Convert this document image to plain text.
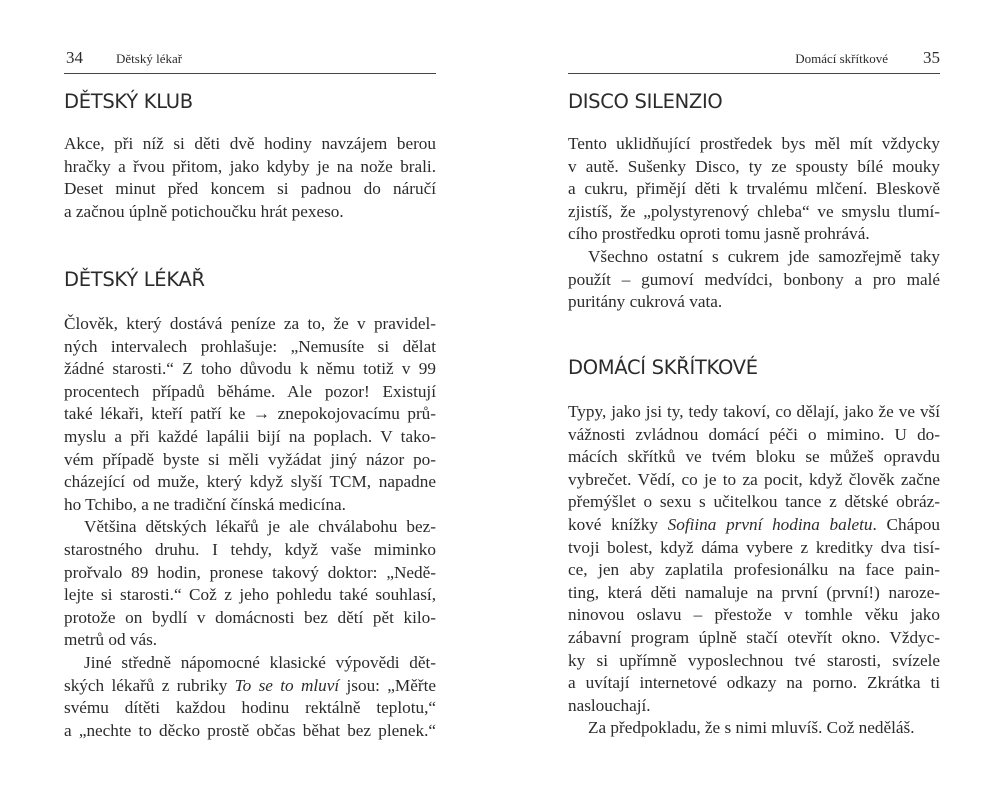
34	Dětský lékař
DĚTSKÝ KLUB
Akce, při níž si děti dvě hodiny navzájem berou
hračky a řvou přitom, jako kdyby je na nože brali.
Deset minut před koncem si padnou do náručí
a začnou úplně potichoučku hrát pexeso.
DĚTSKÝ LÉKAŘ
Člověk, který dostává peníze za to, že v pravidel-
ných intervalech prohlašuje: „Nemusíte si dělat
žádné starosti.“ Z toho důvodu k němu totiž v 99
procentech případů běháme. Ale pozor! Existují
také lékaři, kteří patří ke → znepokojovacímu prů-
myslu a při každé lapálii bijí na poplach. V tako-
vém případě byste si měli vyžádat jiný názor po-
cházející od muže, který když slyší TCM, napadne
ho Tchibo, a ne tradiční čínská medicína.
Většina dětských lékařů je ale chválabohu bez-
starostného druhu. I tehdy, když vaše miminko
prořvalo 89 hodin, pronese takový doktor: „Nedě-
lejte si starosti.“ Což z jeho pohledu také souhlasí,
protože on bydlí v domácnosti bez dětí pět kilo-
metrů od vás.
Jiné středně nápomocné klasické výpovědi dět-
ských lékařů z rubriky To se to mluví jsou: „Měřte
svému dítěti každou hodinu rektálně teplotu,“
a „nechte to děcko prostě občas běhat bez plenek.“
Domácí skřítkové 35
DISCO SILENZIO
Tento uklidňující prostředek bys měl mít vždycky
v autě. Sušenky Disco, ty ze spousty bílé mouky
a cukru, přimějí děti k trvalému mlčení. Bleskově
zjistíš, že „polystyrenový chleba“ ve smyslu tlumí-
cího prostředku oproti tomu jasně prohrává.
Všechno ostatní s cukrem jde samozřejmě taky
použít – gumoví medvídci, bonbony a pro malé
puritány cukrová vata.
DOMÁCÍ SKŘÍTKOVÉ
Typy, jako jsi ty, tedy takoví, co dělají, jako že ve vší
vážnosti zvládnou domácí péči o mimino. U do-
mácích skřítků ve tvém bloku se můžeš opravdu
vybrečet. Vědí, co je to za pocit, když člověk začne
přemýšlet o sexu s učitelkou tance z dětské obráz-
kové knížky Sofiina první hodina baletu. Chápou
tvoji bolest, když dáma vybere z kreditky dva tisí-
ce, jen aby zaplatila profesionálku na face pain-
ting, která děti namaluje na první (první!) naroze-
ninovou oslavu – přestože v tomhle věku jako
zábavní program úplně stačí otevřít okno. Vždyc-
ky si upřímně vyposlechnou tvé starosti, svízele
a uvítají internetové odkazy na porno. Zkrátka ti
naslouchají.
Za předpokladu, že s nimi mluvíš. Což neděláš.
